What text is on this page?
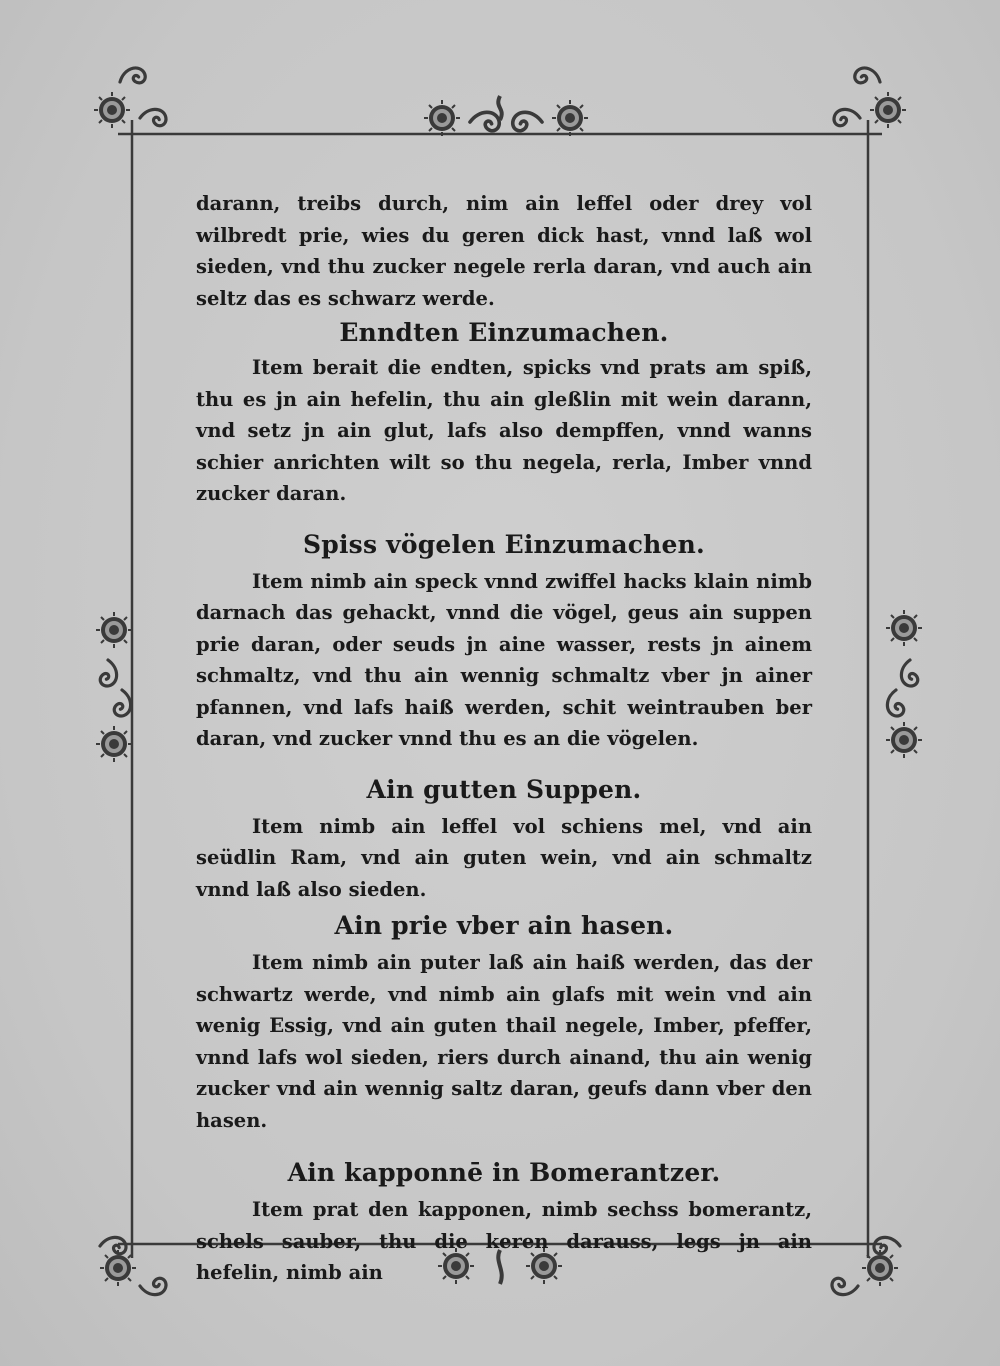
darann, treibs durch, nim ain leffel oder drey vol wilbredt prie, wies du geren dick hast, vnnd laß wol sieden, vnd thu zucker negele rerla daran, vnd auch ain seltz das es schwarz werde.

Enndten Einzumachen.

Item berait die endten, spicks vnd prats am spiß, thu es jn ain hefelin, thu ain gleßlin mit wein darann, vnd setz jn ain glut, lafs also dempffen, vnnd wanns schier anrichten wilt so thu negela, rerla, Imber vnnd zucker daran.

Spiss vögelen Einzumachen.

Item nimb ain speck vnnd zwiffel hacks klain nimb darnach das gehackt, vnnd die vögel, geus ain suppen prie daran, oder seuds jn aine wasser, rests jn ainem schmaltz, vnd thu ain wennig schmaltz vber jn ainer pfannen, vnd lafs haiß werden, schit weintrauben ber daran, vnd zucker vnnd thu es an die vögelen.

Ain gutten Suppen.

Item nimb ain leffel vol schiens mel, vnd ain seüdlin Ram, vnd ain guten wein, vnd ain schmaltz vnnd laß also sieden.

Ain prie vber ain hasen.

Item nimb ain puter laß ain haiß werden, das der schwartz werde, vnd nimb ain glafs mit wein vnd ain wenig Essig, vnd ain guten thail negele, Imber, pfeffer, vnnd lafs wol sieden, riers durch ainand, thu ain wenig zucker vnd ain wennig saltz daran, geufs dann vber den hasen.

Ain kapponnē in Bomerantzer.

Item prat den kapponen, nimb sechss bomerantz, schels sauber, thu die keren darauss, legs jn ain hefelin, nimb ain
